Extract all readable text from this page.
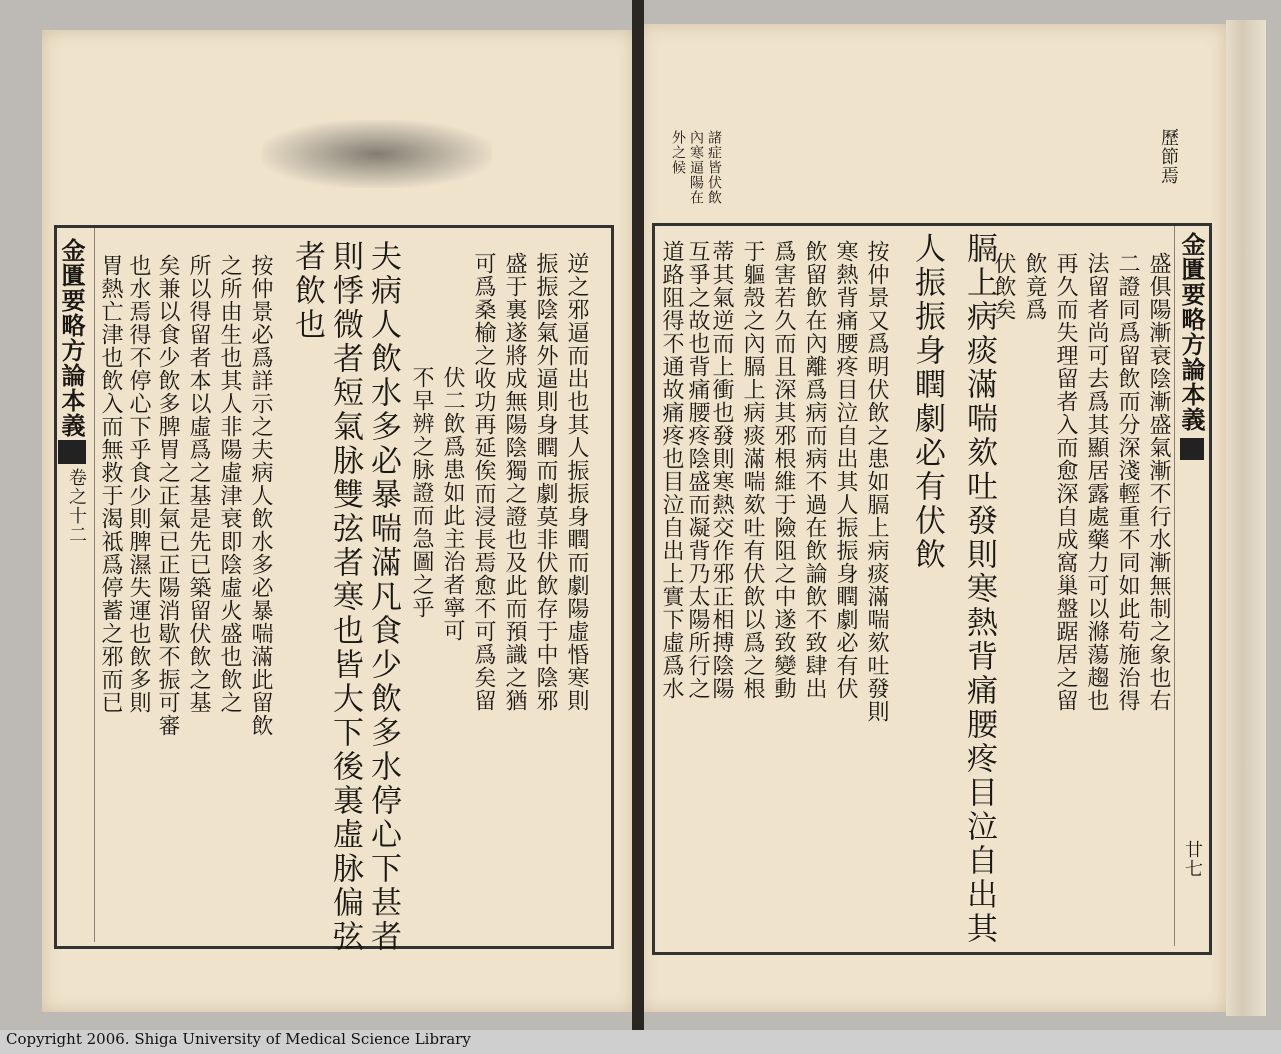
金匱要略方論本義
卷之十二	逆之邪逼而出也其人振振身瞤而劇陽虛惛寒則
振振陰氣外逼則身瞤而劇莫非伏飲存于中陰邪
盛于裏遂將成無陽陰獨之證也及此而預識之猶
可爲桑榆之收功再延俟而浸長焉愈不可爲矣留
伏二飲爲患如此主治者寧可
不早辨之脉證而急圖之乎
夫病人飲水多必暴喘滿凡食少飲多水停心下甚者
則悸微者短氣脉雙弦者寒也皆大下後裏虛脉偏弦
者飲也
按仲景必爲詳示之夫病人飲水多必暴喘滿此留飲
之所由生也其人非陽虛津衰即陰虛火盛也飲之
所以得留者本以虛爲之基是先已築留伏飲之基
矣兼以食少飲多脾胃之正氣已正陽消歇不振可審
也水焉得不停心下乎食少則脾濕失運也飲多則
胃熱亡津也飲入而無救于渴祗爲停蓄之邪而已
歷節焉
諸症皆伏飲
內寒逼陽在
外之候
金匱要略方論本義
廿七
盛俱陽漸衰陰漸盛氣漸不行水漸無制之象也右
二證同爲留飲而分深淺輕重不同如此苟施治得
法留者尚可去爲其顯居露處藥力可以滌蕩趨也
再久而失理留者入而愈深自成窩巢盤踞居之留
飲竟爲
伏飲矣
膈上病痰滿喘欬吐發則寒熱背痛腰疼目泣自出其
人振振身瞤劇必有伏飲
按仲景又爲明伏飲之患如膈上病痰滿喘欬吐發則
寒熱背痛腰疼目泣自出其人振振身瞤劇必有伏
飲留飲在內離爲病而病不過在飲論飲不致肆出
爲害若久而且深其邪根維于險阻之中遂致變動
于軀殼之內膈上病痰滿喘欬吐有伏飲以爲之根
蒂其氣逆而上衝也發則寒熱交作邪正相搏陰陽
互爭之故也背痛腰疼陰盛而凝背乃太陽所行之
道路阻得不通故痛疼也目泣自出上實下虛爲水
Copyright 2006. Shiga University of Medical Science Library
